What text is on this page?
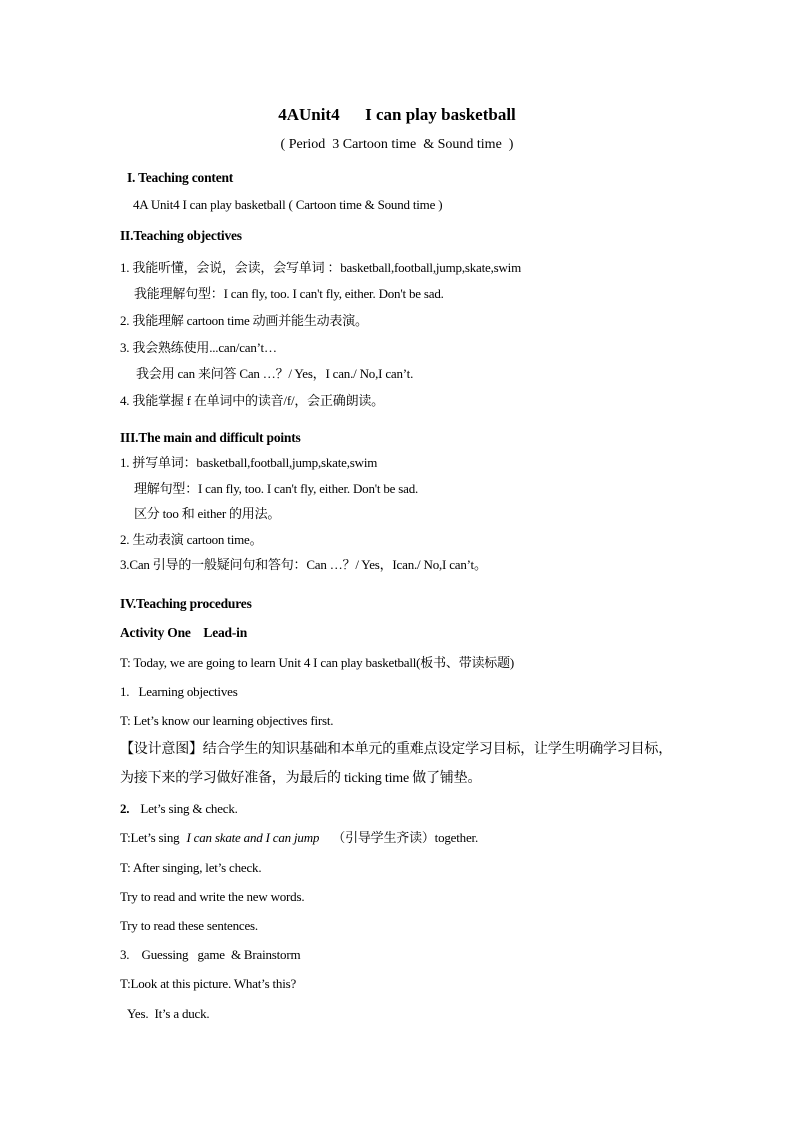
4AUnit4      I can play basketball
( Period  3 Cartoon time  & Sound time  )
I. Teaching content
4A Unit4 I can play basketball ( Cartoon time & Sound time )
II.Teaching objectives
1. 我能听懂，会说，会读，会写单词 ：basketball,football,jump,skate,swim
我能理解句型：I can fly, too. I can't fly, either. Don't be sad.
2. 我能理解 cartoon time 动画并能生动表演。
3. 我会熟练使用...can/can’t…
我会用 can 来问答 Can …？/ Yes，I can./ No,I can’t.
4. 我能掌握 f 在单词中的读音/f/，会正确朗读。
III.The main and difficult points
1. 拼写单词：basketball,football,jump,skate,swim
理解句型：I can fly, too. I can't fly, either. Don't be sad.
区分 too 和 either 的用法。
2. 生动表演 cartoon time。
3.Can 引导的一般疑问句和答句：Can …？/ Yes，Ican./ No,I can’t。
IV.Teaching procedures
Activity One    Lead-in
T: Today, we are going to learn Unit 4 I can play basketball(板书、带读标题)
1.   Learning objectives
T: Let’s know our learning objectives first.
【设计意图】结合学生的知识基础和本单元的重难点设定学习目标，让学生明确学习目标，
为接下来的学习做好准备，为最后的 ticking time 做了铺垫。
2. Let’s sing & check.
T:Let’s sing I can skate and I can jump （引导学生齐读）together.
T: After singing, let’s check.
Try to read and write the new words.
Try to read these sentences.
3.    Guessing   game  & Brainstorm
T:Look at this picture. What’s this?
Yes.  It’s a duck.
